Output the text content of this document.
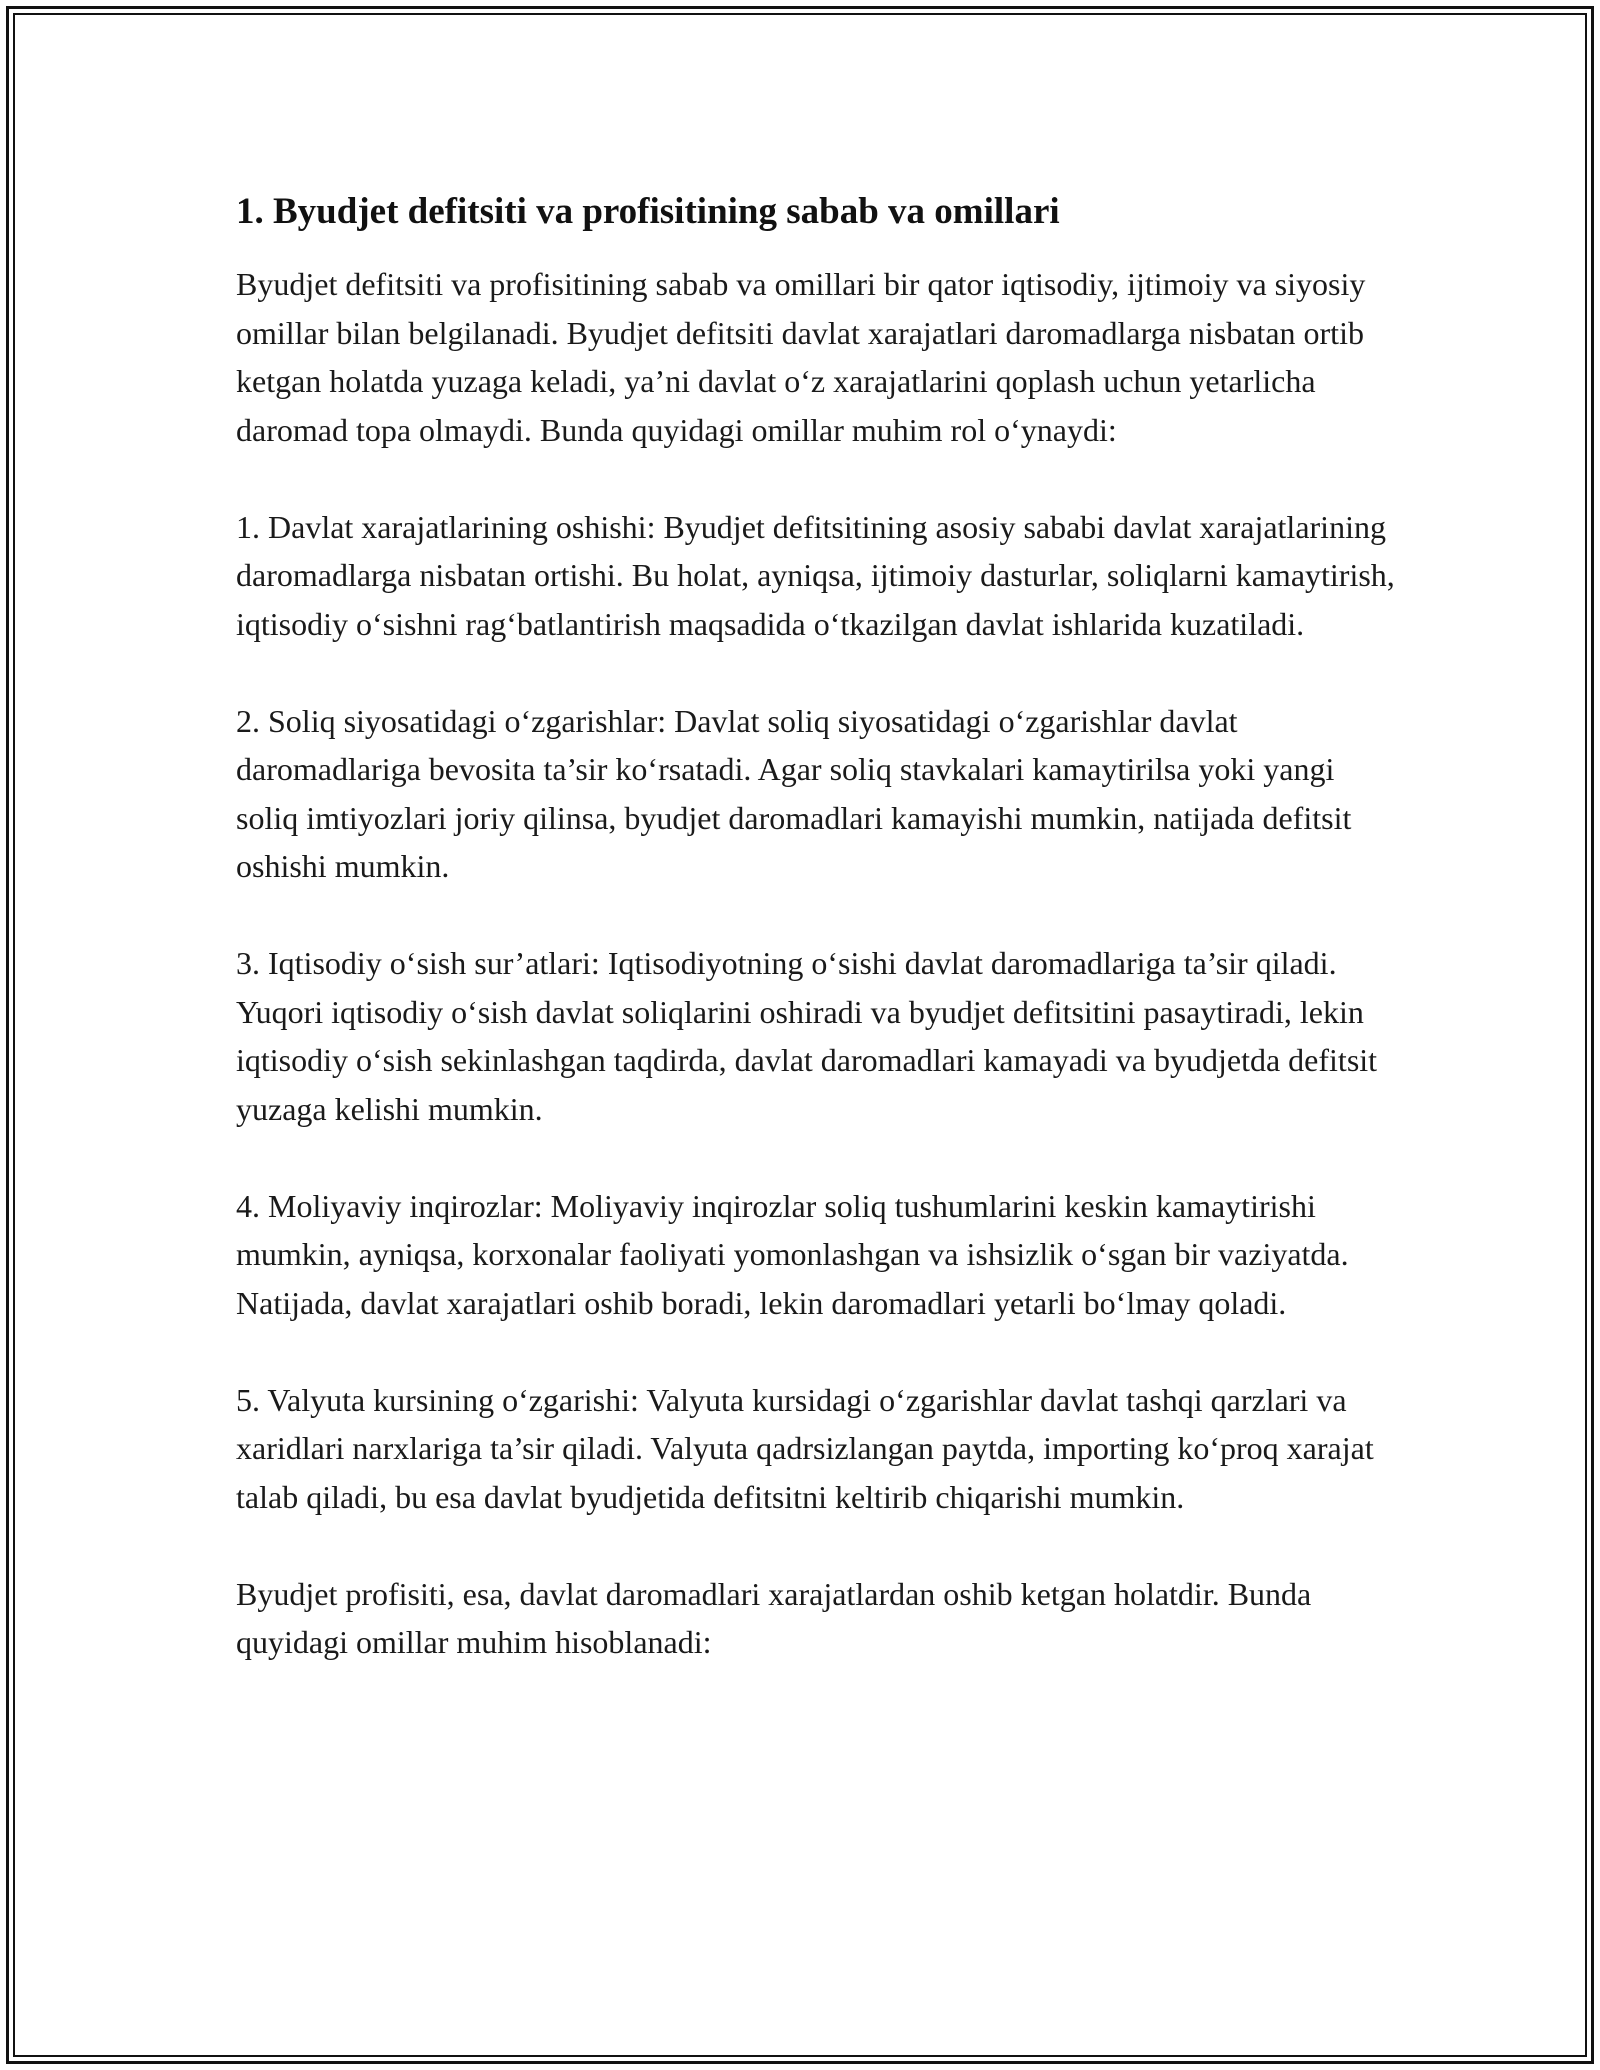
1. Byudjet defitsiti va profisitining sabab va omillari

Byudjet defitsiti va profisitining sabab va omillari bir qator iqtisodiy, ijtimoiy va siyosiy omillar bilan belgilanadi. Byudjet defitsiti davlat xarajatlari daromadlarga nisbatan ortib ketgan holatda yuzaga keladi, ya’ni davlat o‘z xarajatlarini qoplash uchun yetarlicha daromad topa olmaydi. Bunda quyidagi omillar muhim rol o‘ynaydi:

1. Davlat xarajatlarining oshishi: Byudjet defitsitining asosiy sababi davlat xarajatlarining daromadlarga nisbatan ortishi. Bu holat, ayniqsa, ijtimoiy dasturlar, soliqlarni kamaytirish, iqtisodiy o‘sishni rag‘batlantirish maqsadida o‘tkazilgan davlat ishlarida kuzatiladi.

2. Soliq siyosatidagi o‘zgarishlar: Davlat soliq siyosatidagi o‘zgarishlar davlat daromadlariga bevosita ta’sir ko‘rsatadi. Agar soliq stavkalari kamaytirilsa yoki yangi soliq imtiyozlari joriy qilinsa, byudjet daromadlari kamayishi mumkin, natijada defitsit oshishi mumkin.

3. Iqtisodiy o‘sish sur’atlari: Iqtisodiyotning o‘sishi davlat daromadlariga ta’sir qiladi. Yuqori iqtisodiy o‘sish davlat soliqlarini oshiradi va byudjet defitsitini pasaytiradi, lekin iqtisodiy o‘sish sekinlashgan taqdirda, davlat daromadlari kamayadi va byudjetda defitsit yuzaga kelishi mumkin.

4. Moliyaviy inqirozlar: Moliyaviy inqirozlar soliq tushumlarini keskin kamaytirishi mumkin, ayniqsa, korxonalar faoliyati yomonlashgan va ishsizlik o‘sgan bir vaziyatda. Natijada, davlat xarajatlari oshib boradi, lekin daromadlari yetarli bo‘lmay qoladi.

5. Valyuta kursining o‘zgarishi: Valyuta kursidagi o‘zgarishlar davlat tashqi qarzlari va xaridlari narxlariga ta’sir qiladi. Valyuta qadrsizlangan paytda, importing ko‘proq xarajat talab qiladi, bu esa davlat byudjetida defitsitni keltirib chiqarishi mumkin.

Byudjet profisiti, esa, davlat daromadlari xarajatlardan oshib ketgan holatdir. Bunda quyidagi omillar muhim hisoblanadi:
